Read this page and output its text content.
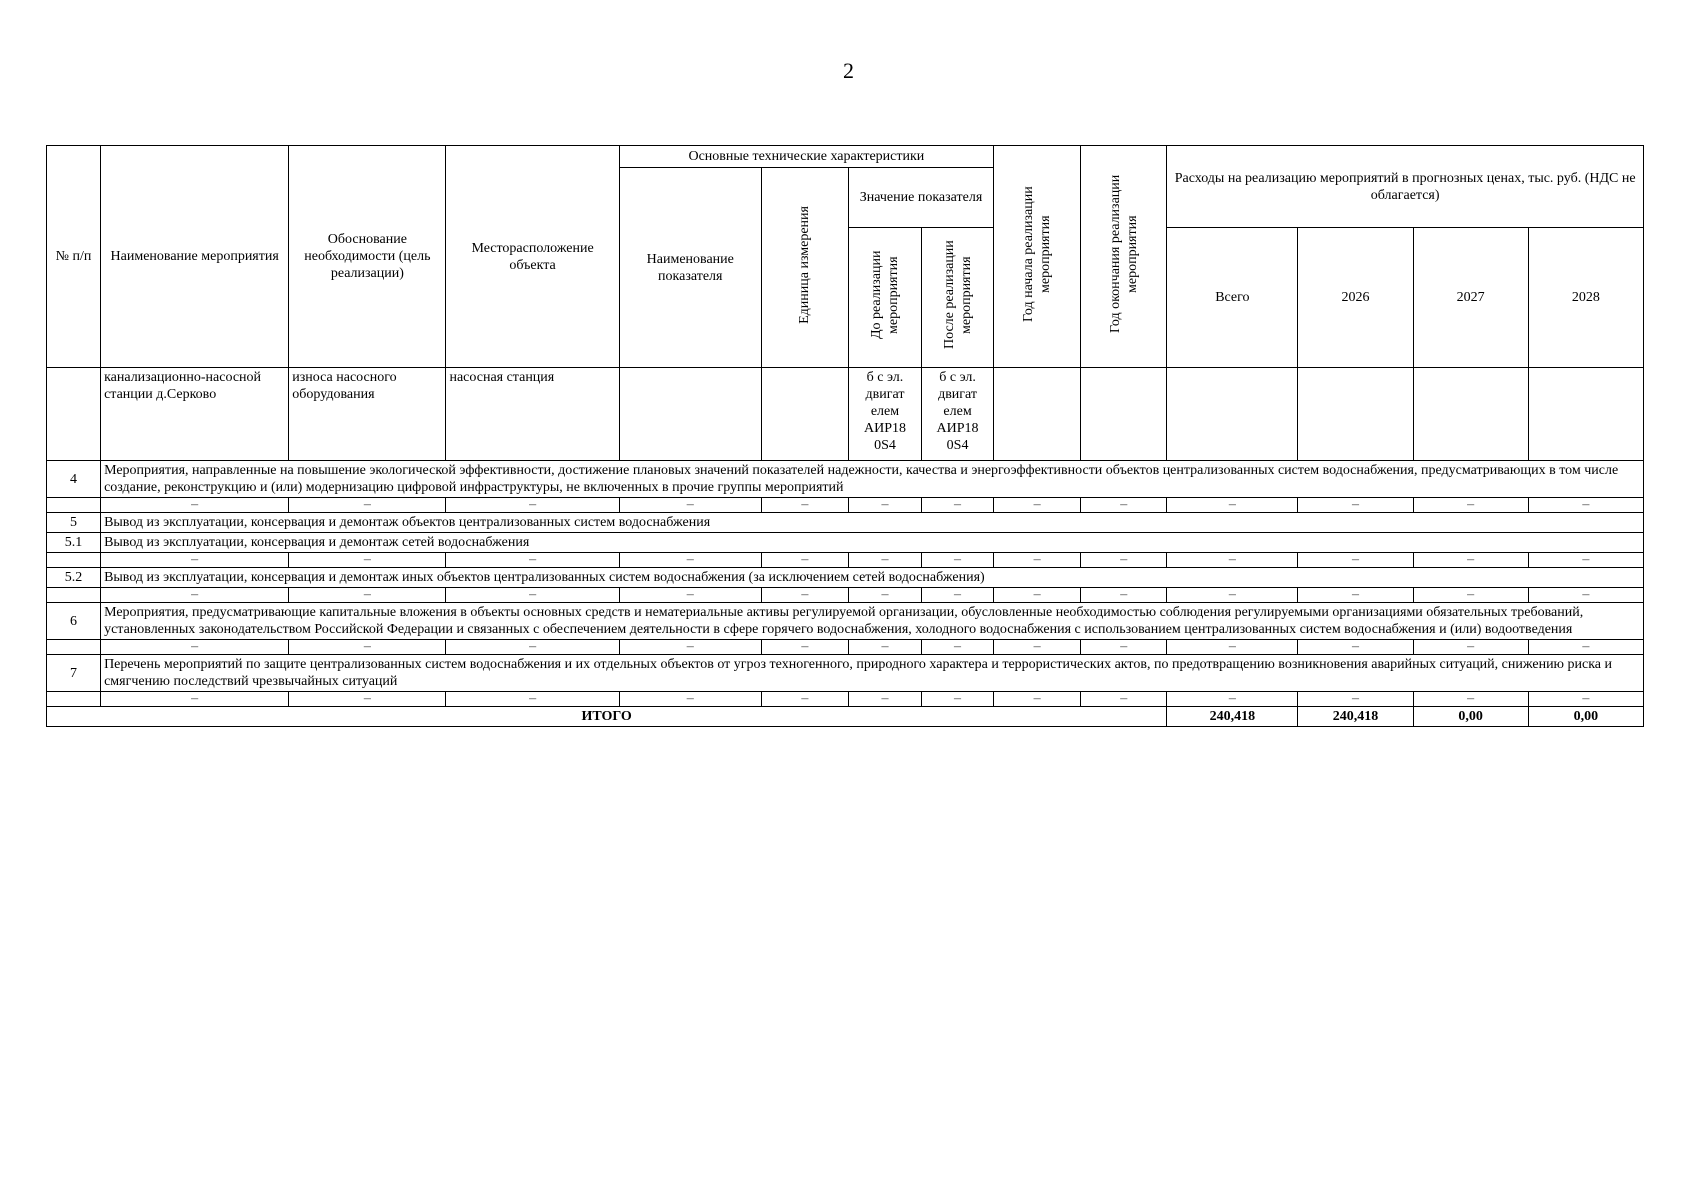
2
№ п/п	Наименование мероприятия	Обоснование необходимости (цель реализации)	Месторасположение объекта	Основные технические характеристики				Год начала реализации мероприятия	Год окончания реализации мероприятия	Расходы на реализацию мероприятий в прогнозных ценах, тыс. руб. (НДС не облагается)			
				Наименование показателя	Единица измерения	Значение показателя							
						До реализации мероприятия	После реализации мероприятия			Всего	2026	2027	2028
	канализационно-насосной станции д.Серково	износа насосного оборудования	насосная станция			б с эл. двигат елем АИР18 0S4	б с эл. двигат елем АИР18 0S4						
4	Мероприятия, направленные на повышение экологической эффективности, достижение плановых значений показателей надежности, качества и энергоэффективности объектов централизованных систем водоснабжения, предусматривающих в том числе создание, реконструкцию и (или) модернизацию цифровой инфраструктуры, не включенных в прочие группы мероприятий												
	–	–	–	–	–	–	–	–	–	–	–	–	–
5	Вывод из эксплуатации, консервация и демонтаж объектов централизованных систем водоснабжения												
5.1	Вывод из эксплуатации, консервация и демонтаж сетей водоснабжения												
	–	–	–	–	–	–	–	–	–	–	–	–	–
5.2	Вывод из эксплуатации, консервация и демонтаж иных объектов централизованных систем водоснабжения (за исключением сетей водоснабжения)												
	–	–	–	–	–	–	–	–	–	–	–	–	–
6	Мероприятия, предусматривающие капитальные вложения в объекты основных средств и нематериальные активы регулируемой организации, обусловленные необходимостью соблюдения регулируемыми организациями обязательных требований, установленных законодательством Российской Федерации и связанных с обеспечением деятельности в сфере горячего водоснабжения, холодного водоснабжения с использованием централизованных систем водоснабжения и (или) водоотведения												
	–	–	–	–	–	–	–	–	–	–	–	–	–
7	Перечень мероприятий по защите централизованных систем водоснабжения и их отдельных объектов от угроз техногенного, природного характера и террористических актов, по предотвращению возникновения аварийных ситуаций, снижению риска и смягчению последствий чрезвычайных ситуаций												
	–	–	–	–	–	–	–	–	–	–	–	–	–
ИТОГО										240,418	240,418	0,00	0,00
